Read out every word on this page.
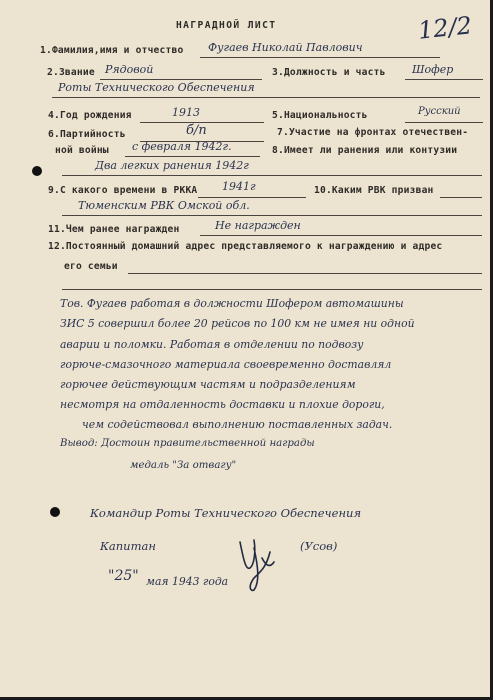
НАГРАДНОЙ ЛИСТ	12/2
1.Фамилия,имя и отчество Фугаев Николай Павлович
2.Звание Рядовой	3.Должность и часть Шофер
Роты Технического Обеспечения
4.Год рождения	1913	5.Национальность	Русский
6.Партийность	б/п	7.Участие на фронтах отечествен-
ной войны с февраля 1942г.	8.Имеет ли ранения или контузии
Два легких ранения 1942г
9.С какого времени в РККА 1941г	10.Каким РВК призван
Тюменским РВК Омской обл.
11.Чем ранее награжден	Не награжден
12.Постоянный домашний адрес представляемого к награждению и адрес
его семьи
Тов. Фугаев работая в должности Шофером автомашины
ЗИС 5 совершил более 20 рейсов по 100 км не имея ни одной
аварии и поломки. Работая в отделении по подвозу
горюче-смазочного материала своевременно доставлял
горючее действующим частям и подразделениям
несмотря на отдаленность доставки и плохие дороги,
чем содействовал выполнению поставленных задач.
Вывод: Достоин правительственной награды
медаль "За отвагу"
Командир Роты Технического Обеспечения
Капитан	(Усов)
"25" мая 1943 года
